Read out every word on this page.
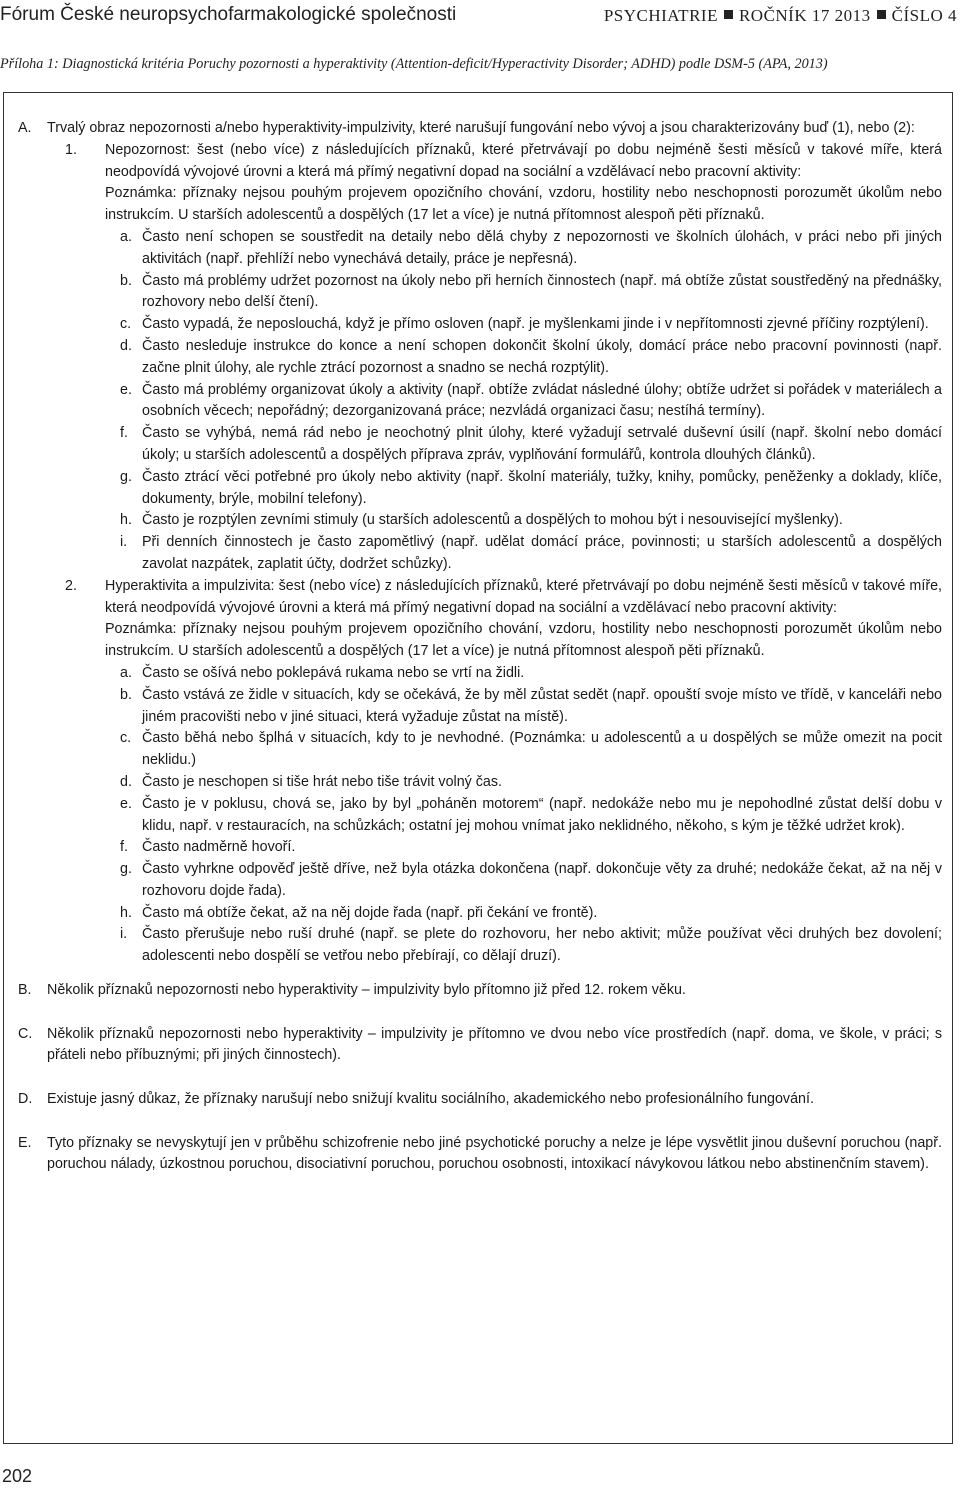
Fórum České neuropsychofarmakologické společnosti	PSYCHIATRIE ROČNÍK 17 2013 ČÍSLO 4
Příloha 1: Diagnostická kritéria Poruchy pozornosti a hyperaktivity (Attention-deficit/Hyperactivity Disorder; ADHD) podle DSM-5 (APA, 2013)
A.	Trvalý obraz nepozornosti a/nebo hyperaktivity-impulzivity, které narušují fungování nebo vývoj a jsou charakterizovány buď (1), nebo (2):
1.	Nepozornost: šest (nebo více) z následujících příznaků, které přetrvávají po dobu nejméně šesti měsíců v takové míře, která neodpovídá vývojové úrovni a která má přímý negativní dopad na sociální a vzdělávací nebo pracovní aktivity:
Poznámka: příznaky nejsou pouhým projevem opozičního chování, vzdoru, hostility nebo neschopnosti porozumět úkolům nebo instrukcím. U starších adolescentů a dospělých (17 let a více) je nutná přítomnost alespoň pěti příznaků.
a. Často není schopen se soustředit na detaily nebo dělá chyby z nepozornosti ve školních úlohách, v práci nebo při jiných aktivitách (např. přehlíží nebo vynechává detaily, práce je nepřesná).
b. Často má problémy udržet pozornost na úkoly nebo při herních činnostech (např. má obtíže zůstat soustředěný na přednášky, rozhovory nebo delší čtení).
c. Často vypadá, že neposlouchá, když je přímo osloven (např. je myšlenkami jinde i v nepřítomnosti zjevné příčiny rozptýlení).
d. Často nesleduje instrukce do konce a není schopen dokončit školní úkoly, domácí práce nebo pracovní povinnosti (např. začne plnit úlohy, ale rychle ztrácí pozornost a snadno se nechá rozptýlit).
e. Často má problémy organizovat úkoly a aktivity (např. obtíže zvládat následné úlohy; obtíže udržet si pořádek v materiálech a osobních věcech; nepořádný; dezorganizovaná práce; nezvládá organizaci času; nestíhá termíny).
f. Často se vyhýbá, nemá rád nebo je neochotný plnit úlohy, které vyžadují setrvalé duševní úsilí (např. školní nebo domácí úkoly; u starších adolescentů a dospělých příprava zpráv, vyplňování formulářů, kontrola dlouhých článků).
g. Často ztrácí věci potřebné pro úkoly nebo aktivity (např. školní materiály, tužky, knihy, pomůcky, peněženky a doklady, klíče, dokumenty, brýle, mobilní telefony).
h. Často je rozptýlen zevními stimuly (u starších adolescentů a dospělých to mohou být i nesouvisející myšlenky).
i.	Při denních činnostech je často zapomětlivý (např. udělat domácí práce, povinnosti; u starších adolescentů a dospělých zavolat nazpátek, zaplatit účty, dodržet schůzky).
2.	Hyperaktivita a impulzivita: šest (nebo více) z následujících příznaků, které přetrvávají po dobu nejméně šesti měsíců v takové míře, která neodpovídá vývojové úrovni a která má přímý negativní dopad na sociální a vzdělávací nebo pracovní aktivity:
Poznámka: příznaky nejsou pouhým projevem opozičního chování, vzdoru, hostility nebo neschopnosti porozumět úkolům nebo instrukcím. U starších adolescentů a dospělých (17 let a více) je nutná přítomnost alespoň pěti příznaků.
a. Často se ošívá nebo poklepává rukama nebo se vrtí na židli.
b. Často vstává ze židle v situacích, kdy se očekává, že by měl zůstat sedět (např. opouští svoje místo ve třídě, v kanceláři nebo jiném pracovišti nebo v jiné situaci, která vyžaduje zůstat na místě).
c. Často běhá nebo šplhá v situacích, kdy to je nevhodné. (Poznámka: u adolescentů a u dospělých se může omezit na pocit neklidu.)
d. Často je neschopen si tiše hrát nebo tiše trávit volný čas.
e. Často je v poklusu, chová se, jako by byl „poháněn motorem“ (např. nedokáže nebo mu je nepohodlné zůstat delší dobu v klidu, např. v restauracích, na schůzkách; ostatní jej mohou vnímat jako neklidného, někoho, s kým je těžké udržet krok).
f. Často nadměrně hovoří.
g. Často vyhrkne odpověď ještě dříve, než byla otázka dokončena (např. dokončuje věty za druhé; nedokáže čekat, až na něj v rozhovoru dojde řada).
h. Často má obtíže čekat, až na něj dojde řada (např. při čekání ve frontě).
i.	Často přerušuje nebo ruší druhé (např. se plete do rozhovoru, her nebo aktivit; může používat věci druhých bez dovolení; adolescenti nebo dospělí se vetřou nebo přebírají, co dělají druzí).
B.	Několik příznaků nepozornosti nebo hyperaktivity – impulzivity bylo přítomno již před 12. rokem věku.
C.	Několik příznaků nepozornosti nebo hyperaktivity – impulzivity je přítomno ve dvou nebo více prostředích (např. doma, ve škole, v práci; s přáteli nebo příbuznými; při jiných činnostech).
D.	Existuje jasný důkaz, že příznaky narušují nebo snižují kvalitu sociálního, akademického nebo profesionálního fungování.
E.	Tyto příznaky se nevyskytují jen v průběhu schizofrenie nebo jiné psychotické poruchy a nelze je lépe vysvětlit jinou duševní poruchou (např. poruchou nálady, úzkostnou poruchou, disociativní poruchou, poruchou osobnosti, intoxikací návykovou látkou nebo abstinenčním stavem).
202
